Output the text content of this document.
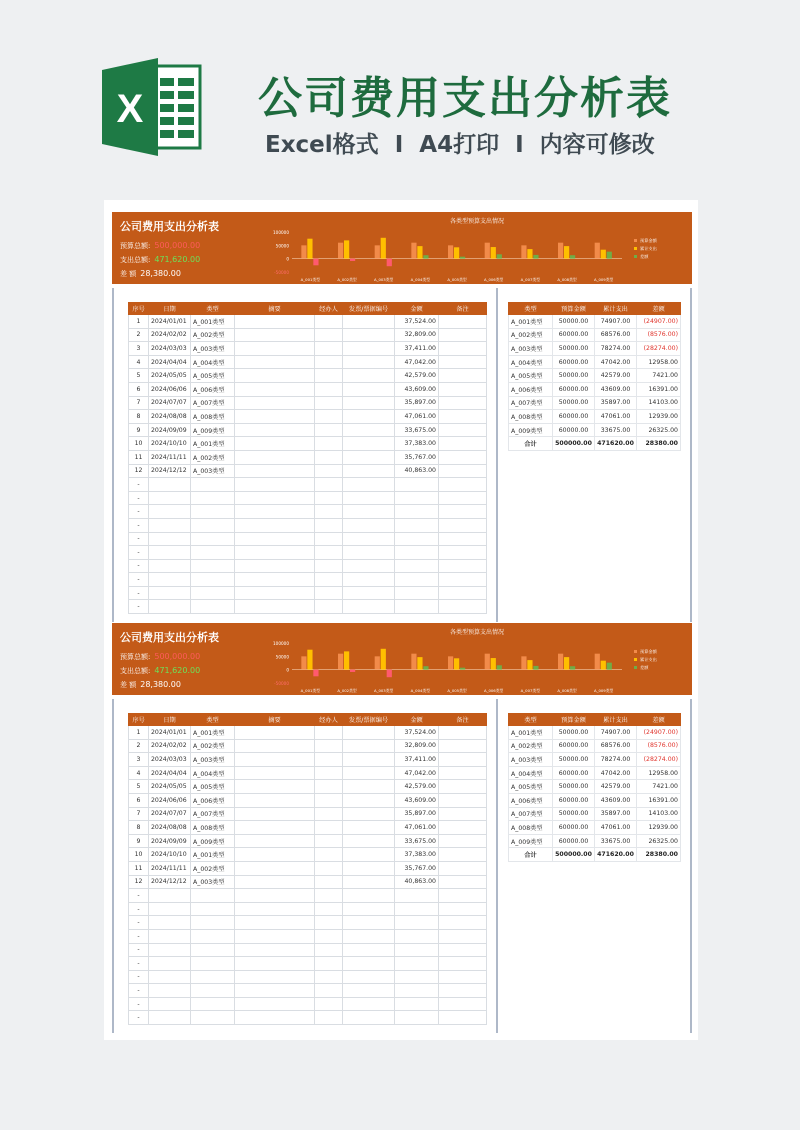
X	公司费用支出分析表
Excel格式 I A4打印 I 内容可修改
公司费用支出分析表
预算总额: 500,000.00
支出总额: 471,620.00
差 额 28,380.00
各类型预算支出情况
100000
50000
0
-50000
A_001类型	A_002类型	A_003类型	A_004类型	A_005类型	A_006类型	A_007类型	A_008类型	A_009类型
预算金额
累计支出
差额
序号	日期	类型	摘要	经办人	发票/票据编号	金额	备注
1	2024/01/01	A_001类型				37,524.00	
2	2024/02/02	A_002类型				32,809.00	
3	2024/03/03	A_003类型				37,411.00	
4	2024/04/04	A_004类型				47,042.00	
5	2024/05/05	A_005类型				42,579.00	
6	2024/06/06	A_006类型				43,609.00	
7	2024/07/07	A_007类型				35,897.00	
8	2024/08/08	A_008类型				47,061.00	
9	2024/09/09	A_009类型				33,675.00	
10	2024/10/10	A_001类型				37,383.00	
11	2024/11/11	A_002类型				35,767.00	
12	2024/12/12	A_003类型				40,863.00	
-							
-							
-							
-							
-							
-							
-							
-							
-							
-							
类型	预算金额	累计支出	差额
A_001类型	50000.00	74907.00	(24907.00)
A_002类型	60000.00	68576.00	(8576.00)
A_003类型	50000.00	78274.00	(28274.00)
A_004类型	60000.00	47042.00	12958.00
A_005类型	50000.00	42579.00	7421.00
A_006类型	60000.00	43609.00	16391.00
A_007类型	50000.00	35897.00	14103.00
A_008类型	60000.00	47061.00	12939.00
A_009类型	60000.00	33675.00	26325.00
合计	500000.00	471620.00	28380.00
公司费用支出分析表
预算总额: 500,000.00
支出总额: 471,620.00
差 额 28,380.00
各类型预算支出情况
100000
50000
0
-50000
A_001类型	A_002类型	A_003类型	A_004类型	A_005类型	A_006类型	A_007类型	A_008类型	A_009类型
预算金额
累计支出
差额
序号	日期	类型	摘要	经办人	发票/票据编号	金额	备注
1	2024/01/01	A_001类型				37,524.00	
2	2024/02/02	A_002类型				32,809.00	
3	2024/03/03	A_003类型				37,411.00	
4	2024/04/04	A_004类型				47,042.00	
5	2024/05/05	A_005类型				42,579.00	
6	2024/06/06	A_006类型				43,609.00	
7	2024/07/07	A_007类型				35,897.00	
8	2024/08/08	A_008类型				47,061.00	
9	2024/09/09	A_009类型				33,675.00	
10	2024/10/10	A_001类型				37,383.00	
11	2024/11/11	A_002类型				35,767.00	
12	2024/12/12	A_003类型				40,863.00	
-							
-							
-							
-							
-							
-							
-							
-							
-							
-							
类型	预算金额	累计支出	差额
A_001类型	50000.00	74907.00	(24907.00)
A_002类型	60000.00	68576.00	(8576.00)
A_003类型	50000.00	78274.00	(28274.00)
A_004类型	60000.00	47042.00	12958.00
A_005类型	50000.00	42579.00	7421.00
A_006类型	60000.00	43609.00	16391.00
A_007类型	50000.00	35897.00	14103.00
A_008类型	60000.00	47061.00	12939.00
A_009类型	60000.00	33675.00	26325.00
合计	500000.00	471620.00	28380.00
